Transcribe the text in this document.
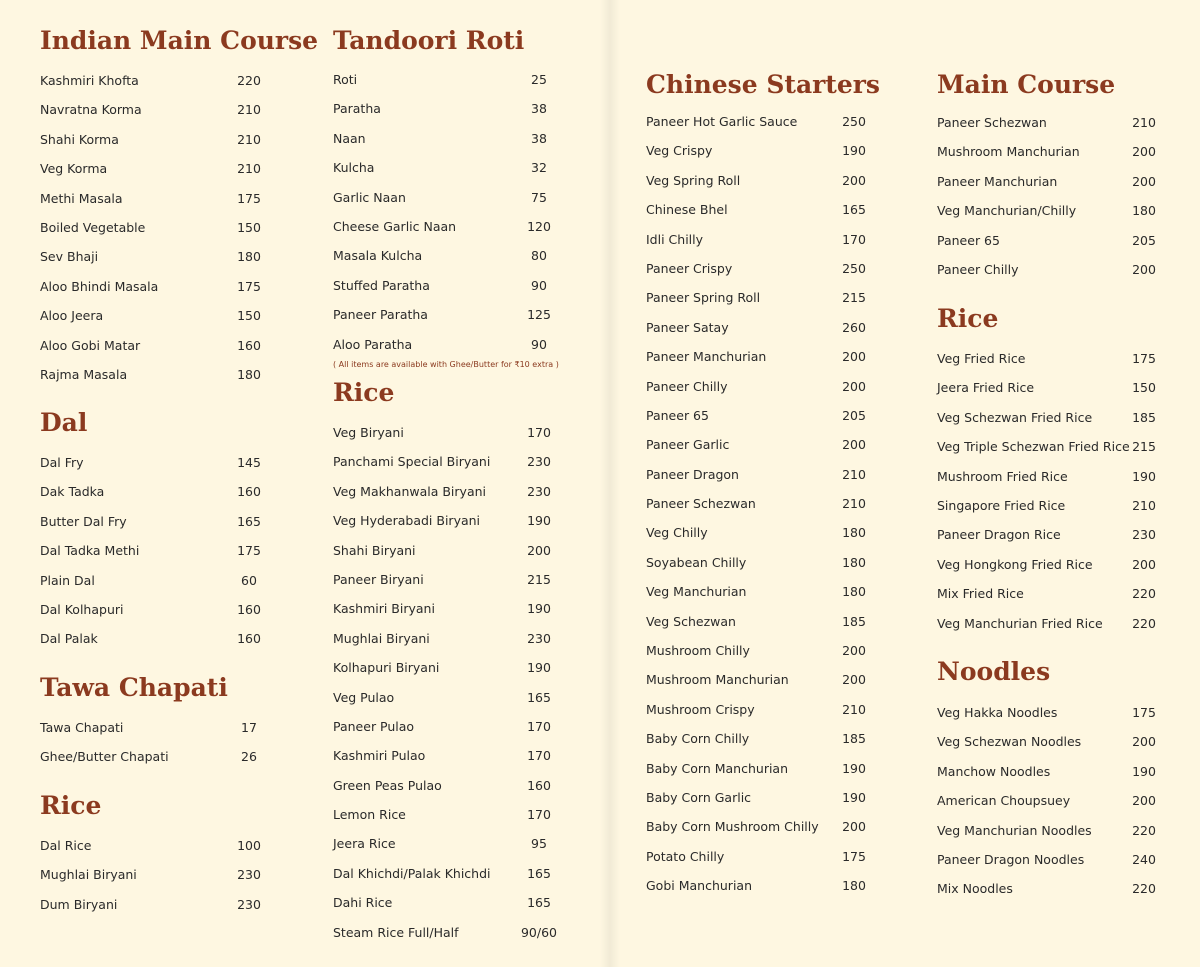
Indian Main Course
Kashmiri Khofta	220
Navratna Korma	210
Shahi Korma	210
Veg Korma	210
Methi Masala	175
Boiled Vegetable	150
Sev Bhaji	180
Aloo Bhindi Masala	175
Aloo Jeera	150
Aloo Gobi Matar	160
Rajma Masala	180
Dal
Dal Fry	145
Dak Tadka	160
Butter Dal Fry	165
Dal Tadka Methi	175
Plain Dal	60
Dal Kolhapuri	160
Dal Palak	160
Tawa Chapati
Tawa Chapati	17
Ghee/Butter Chapati	26
Rice
Dal Rice	100
Mughlai Biryani	230
Dum Biryani	230
Tandoori Roti
Roti	25
Paratha	38
Naan	38
Kulcha	32
Garlic Naan	75
Cheese Garlic Naan	120
Masala Kulcha	80
Stuffed Paratha	90
Paneer Paratha	125
Aloo Paratha	90
( All items are available with Ghee/Butter for ₹10 extra )
Rice
Veg Biryani	170
Panchami Special Biryani	230
Veg Makhanwala Biryani	230
Veg Hyderabadi Biryani	190
Shahi Biryani	200
Paneer Biryani	215
Kashmiri Biryani	190
Mughlai Biryani	230
Kolhapuri Biryani	190
Veg Pulao	165
Paneer Pulao	170
Kashmiri Pulao	170
Green Peas Pulao	160
Lemon Rice	170
Jeera Rice	95
Dal Khichdi/Palak Khichdi	165
Dahi Rice	165
Steam Rice Full/Half	90/60
Chinese Starters
Paneer Hot Garlic Sauce	250
Veg Crispy	190
Veg Spring Roll	200
Chinese Bhel	165
Idli Chilly	170
Paneer Crispy	250
Paneer Spring Roll	215
Paneer Satay	260
Paneer Manchurian	200
Paneer Chilly	200
Paneer 65	205
Paneer Garlic	200
Paneer Dragon	210
Paneer Schezwan	210
Veg Chilly	180
Soyabean Chilly	180
Veg Manchurian	180
Veg Schezwan	185
Mushroom Chilly	200
Mushroom Manchurian	200
Mushroom Crispy	210
Baby Corn Chilly	185
Baby Corn Manchurian	190
Baby Corn Garlic	190
Baby Corn Mushroom Chilly	200
Potato Chilly	175
Gobi Manchurian	180
Main Course
Paneer Schezwan	210
Mushroom Manchurian	200
Paneer Manchurian	200
Veg Manchurian/Chilly	180
Paneer 65	205
Paneer Chilly	200
Rice
Veg Fried Rice	175
Jeera Fried Rice	150
Veg Schezwan Fried Rice	185
Veg Triple Schezwan Fried Rice 215
Mushroom Fried Rice	190
Singapore Fried Rice	210
Paneer Dragon Rice	230
Veg Hongkong Fried Rice	200
Mix Fried Rice	220
Veg Manchurian Fried Rice	220
Noodles
Veg Hakka Noodles	175
Veg Schezwan Noodles	200
Manchow Noodles	190
American Choupsuey	200
Veg Manchurian Noodles	220
Paneer Dragon Noodles	240
Mix Noodles	220
